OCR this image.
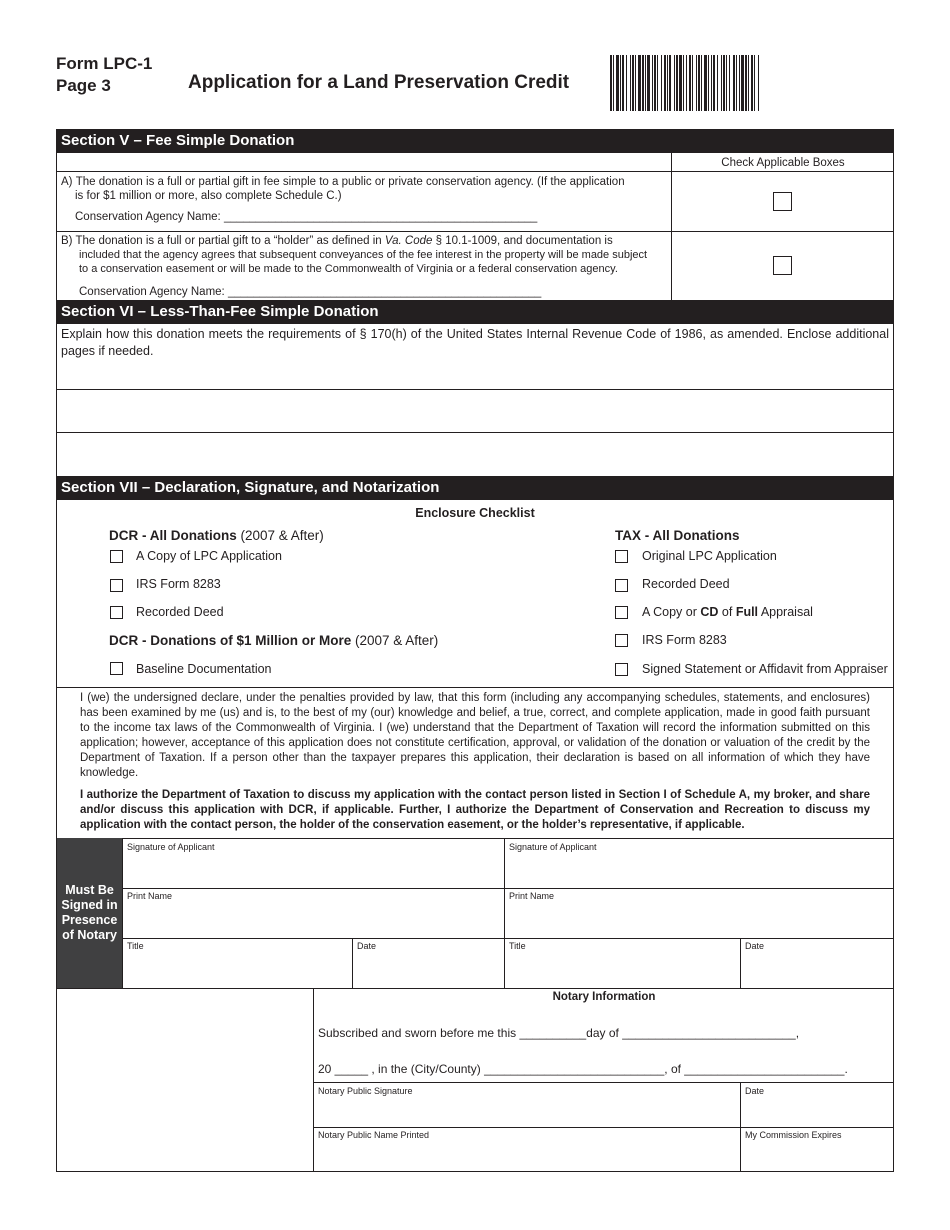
Form LPC-1
Page 3	Application for a Land Preservation Credit
Section V – Fee Simple Donation
Check Applicable Boxes
A) The donation is a full or partial gift in fee simple to a public or private conservation agency. (If the application
is for $1 million or more, also complete Schedule C.)
Conservation Agency Name: _________________________________________________
B) The donation is a full or partial gift to a “holder” as defined in Va. Code § 10.1-1009, and documentation is
included that the agency agrees that subsequent conveyances of the fee interest in the property will be made subject
to a conservation easement or will be made to the Commonwealth of Virginia or a federal conservation agency.
Conservation Agency Name: _________________________________________________
Section VI – Less-Than-Fee Simple Donation
Explain how this donation meets the requirements of § 170(h) of the United States Internal Revenue Code of 1986, as amended. Enclose additional pages if needed.
Section VII – Declaration, Signature, and Notarization
Enclosure Checklist
DCR - All Donations (2007 & After)
A Copy of LPC Application
IRS Form 8283
Recorded Deed
DCR - Donations of $1 Million or More (2007 & After)
Baseline Documentation
TAX - All Donations
Original LPC Application
Recorded Deed
A Copy or CD of Full Appraisal
IRS Form 8283
Signed Statement or Affidavit from Appraiser
I (we) the undersigned declare, under the penalties provided by law, that this form (including any accompanying schedules, statements, and enclosures) has been examined by me (us) and is, to the best of my (our) knowledge and belief, a true, correct, and complete application, made in good faith pursuant to the income tax laws of the Commonwealth of Virginia. I (we) understand that the Department of Taxation will record the information submitted on this application; however, acceptance of this application does not constitute certification, approval, or validation of the donation or valuation of the credit by the Department of Taxation. If a person other than the taxpayer prepares this application, their declaration is based on all information of which they have knowledge.
I authorize the Department of Taxation to discuss my application with the contact person listed in Section I of Schedule A, my broker, and share and/or discuss this application with DCR, if applicable. Further, I authorize the Department of Conservation and Recreation to discuss my application with the contact person, the holder of the conservation easement, or the holder’s representative, if applicable.
Must Be Signed in Presence of Notary
Signature of Applicant	Signature of Applicant
Print Name	Print Name
Title	Date	Title	Date
Notary Information
Subscribed and sworn before me this __________day of __________________________,
20 _____ , in the (City/County) ___________________________, of ________________________.
Notary Public Signature	Date
Notary Public Name Printed	My Commission Expires
